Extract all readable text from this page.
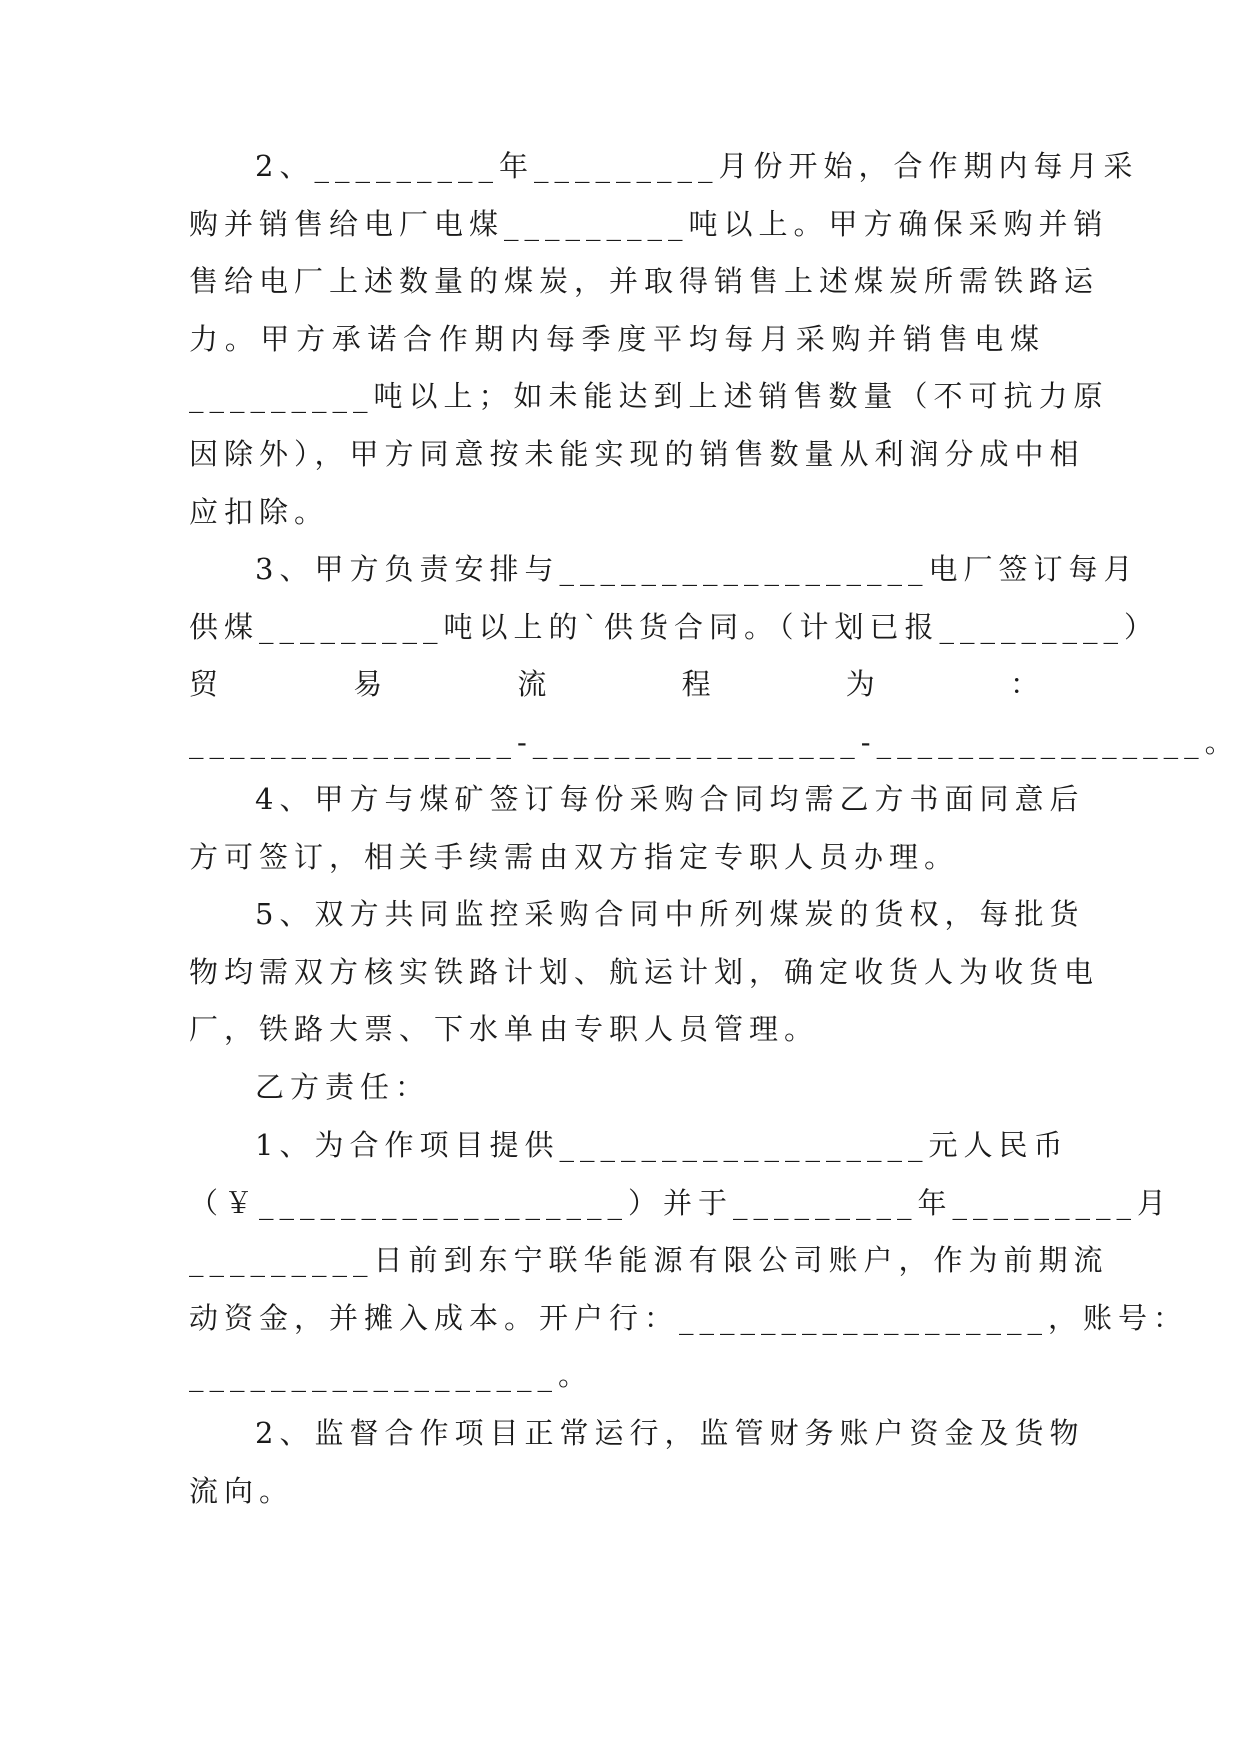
2、_________年_________月份开始，合作期内每月采
购并销售给电厂电煤_________吨以上。甲方确保采购并销
售给电厂上述数量的煤炭，并取得销售上述煤炭所需铁路运
力。甲方承诺合作期内每季度平均每月采购并销售电煤
_________吨以上；如未能达到上述销售数量（不可抗力原
因除外），甲方同意按未能实现的销售数量从利润分成中相
应扣除。

3、甲方负责安排与__________________电厂签订每月
供煤_________吨以上的`供货合同。（计划已报_________）
贸　　易　　流　　程　　为　　：
________________-________________-________________。

4、甲方与煤矿签订每份采购合同均需乙方书面同意后
方可签订，相关手续需由双方指定专职人员办理。

5、双方共同监控采购合同中所列煤炭的货权，每批货
物均需双方核实铁路计划、航运计划，确定收货人为收货电
厂，铁路大票、下水单由专职人员管理。

乙方责任：

1、为合作项目提供__________________元人民币
（￥__________________）并于_________年_________月
_________日前到东宁联华能源有限公司账户，作为前期流
动资金，并摊入成本。开户行：__________________，账号：
__________________。

2、监督合作项目正常运行，监管财务账户资金及货物
流向。
